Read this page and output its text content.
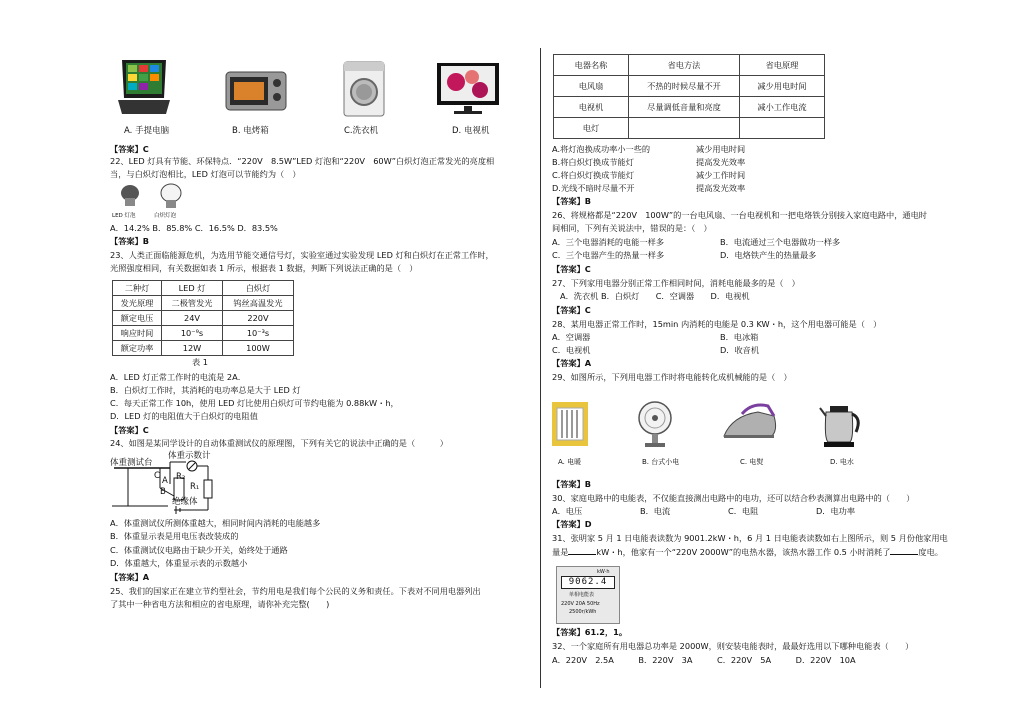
A. 手提电脑	B. 电烤箱	C.洗衣机	D. 电视机
【答案】C
22、LED 灯具有节能、环保特点．“220V　8.5W”LED 灯泡和“220V　60W”白炽灯泡正常发光的亮度相
当，与白炽灯泡相比，LED 灯泡可以节能约为（　）
LED 灯泡	白炽灯泡
A．14.2% B．85.8% C．16.5% D．83.5%
【答案】B
23、人类正面临能源危机，为选用节能交通信号灯，实验室通过实验发现 LED 灯和白炽灯在正常工作时，
光照强度相同，有关数据如表 1 所示，根据表 1 数据，判断下列说法正确的是（　）
二种灯	LED 灯	白炽灯
发光原理	二极管发光	钨丝高温发光
额定电压	24V	220V
响应时间	10⁻⁹s	10⁻³s
额定功率	12W	100W
表 1
A．LED 灯正常工作时的电流是 2A．
B．白炽灯工作时，其消耗的电功率总是大于 LED 灯
C．每天正常工作 10h，使用 LED 灯比使用白炽灯可节约电能为 0.88kW・h，
D．LED 灯的电阻值大于白炽灯的电阻值
【答案】C
24、如图是某同学设计的自动体重测试仪的原理图，下列有关它的说法中正确的是（　　　）
体重测试台
体重示数计
C A R₂
B	R₁
绝缘体
A．体重测试仪所测体重越大，相同时间内消耗的电能越多
B．体重显示表是用电压表改装成的
C．体重测试仪电路由于缺少开关，始终处于通路
D．体重越大，体重显示表的示数越小
【答案】A
25、我们的国家正在建立节约型社会，节约用电是我们每个公民的义务和责任。下表对不同用电器列出
了其中一种省电方法和相应的省电原理，请你补充完整(　　)
电器名称	省电方法	省电原理
电风扇	不热的时候尽量不开	减少用电时间
电视机	尽量调低音量和亮度	减小工作电流
电灯		
A.将灯泡换成功率小一些的	减少用电时间
B.将白炽灯换成节能灯	提高发光效率
C.将白炽灯换成节能灯	减少工作时间
D.光线不暗时尽量不开	提高发光效率
【答案】B
26、将规格都是“220V　100W”的一台电风扇、一台电视机和一把电烙铁分别接入家庭电路中，通电时
间相同，下列有关说法中，错误的是：（　）
A．三个电器消耗的电能一样多	B．电流通过三个电器做功一样多
C．三个电器产生的热量一样多	D．电烙铁产生的热量最多
【答案】C
27、下列家用电器分别正常工作相同时间，消耗电能最多的是（　）
A．洗衣机 B．白炽灯　　C．空调器　　D．电视机
【答案】C
28、某用电器正常工作时，15min 内消耗的电能是 0.3 KW・h，这个用电器可能是（　）
A．空调器	B．电冰箱
C．电视机	D．收音机
【答案】A
29、如图所示，下列用电器工作时将电能转化成机械能的是（　）
A. 电暖	B. 台式小电	C. 电熨	D. 电水
【答案】B
30、家庭电路中的电能表，不仅能直接测出电路中的电功，还可以结合秒表测算出电路中的（　　）
A．电压	B．电流	C．电阻	D．电功率
【答案】D
31、张明家 5 月 1 日电能表读数为 9001.2kW・h，6 月 1 日电能表读数如右上图所示，则 5 月份他家用电
量是	kW・h，他家有一个“220V 2000W”的电热水器，该热水器工作 0.5 小时消耗了	度电。
kW·h
9062.4
单相电能表
220V 20A 50Hz
2500r/kWh
【答案】61.2，1。
32、一个家庭所有用电器总功率是 2000W，则安装电能表时，最最好选用以下哪种电能表（　　）
A．220V　2.5A　　　B．220V　3A　　　C．220V　5A　　　D．220V　10A
